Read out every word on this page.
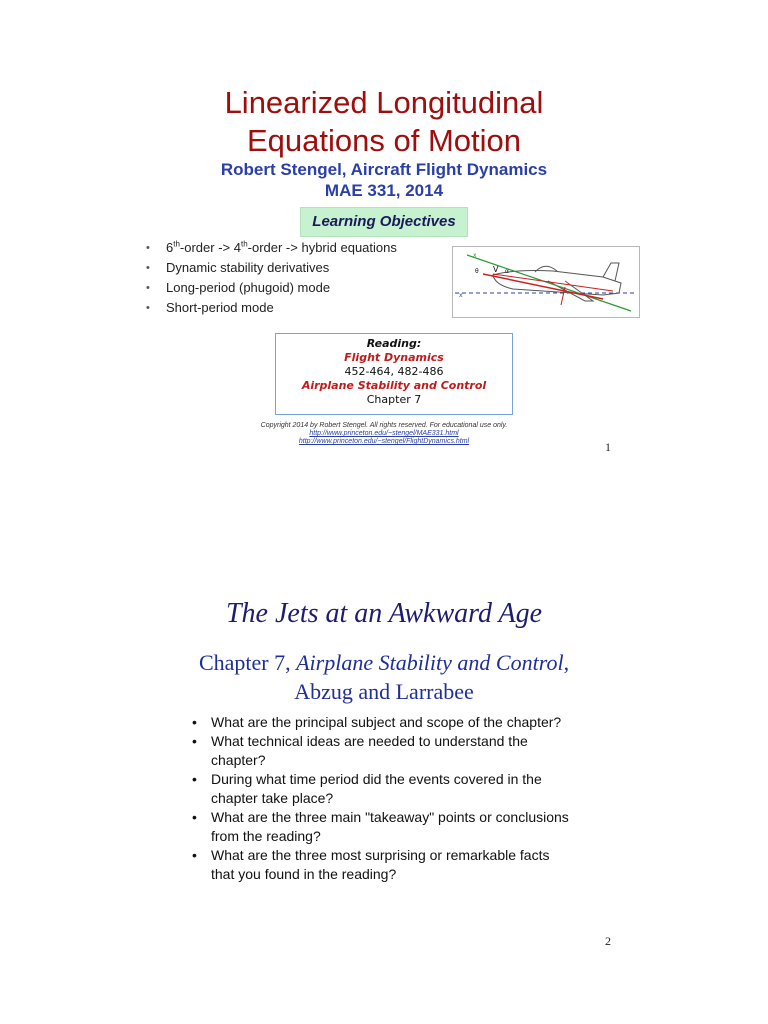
Linearized Longitudinal
Equations of Motion
Robert Stengel, Aircraft Flight Dynamics
MAE 331, 2014
Learning Objectives
• 6th-order -> 4th-order -> hybrid equations
• Dynamic stability derivatives
• Long-period (phugoid) mode
• Short-period mode
V
θ	α
x
x
Reading:
Flight Dynamics
452-464, 482-486
Airplane Stability and Control
Chapter 7
Copyright 2014 by Robert Stengel. All rights reserved. For educational use only.
http://www.princeton.edu/~stengel/MAE331.html
http://www.princeton.edu/~stengel/FlightDynamics.html	1
The Jets at an Awkward Age
Chapter 7, Airplane Stability and Control,
Abzug and Larrabee
• What are the principal subject and scope of the chapter?
• What technical ideas are needed to understand the chapter?
• During what time period did the events covered in the chapter take place?
• What are the three main "takeaway" points or conclusions from the reading?
• What are the three most surprising or remarkable facts that you found in the reading?
2
